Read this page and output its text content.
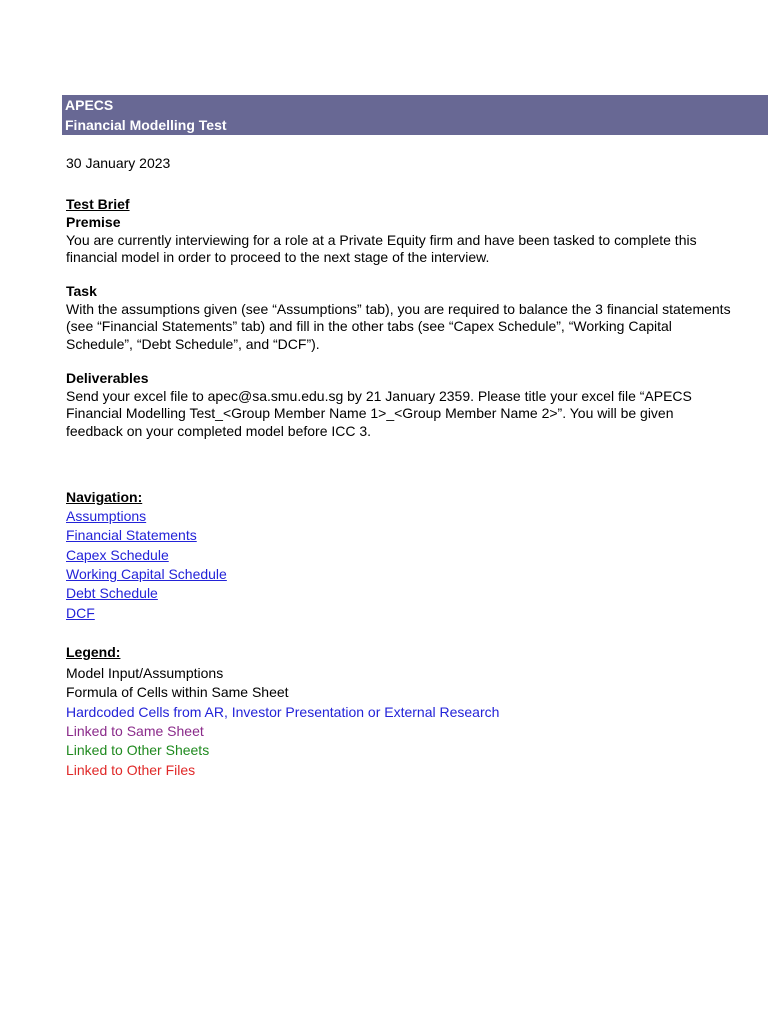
APECS
Financial Modelling Test
30 January 2023
Test Brief
Premise
You are currently interviewing for a role at a Private Equity firm and have been tasked to complete this
financial model in order to proceed to the next stage of the interview.
Task
With the assumptions given (see “Assumptions” tab), you are required to balance the 3 financial statements
(see “Financial Statements” tab) and fill in the other tabs (see “Capex Schedule”, “Working Capital
Schedule”, “Debt Schedule”, and “DCF”).
Deliverables
Send your excel file to apec@sa.smu.edu.sg by 21 January 2359. Please title your excel file “APECS
Financial Modelling Test_<Group Member Name 1>_<Group Member Name 2>”. You will be given
feedback on your completed model before ICC 3.
Navigation:
Assumptions
Financial Statements
Capex Schedule
Working Capital Schedule
Debt Schedule
DCF
Legend:
Model Input/Assumptions
Formula of Cells within Same Sheet
Hardcoded Cells from AR, Investor Presentation or External Research
Linked to Same Sheet
Linked to Other Sheets
Linked to Other Files
